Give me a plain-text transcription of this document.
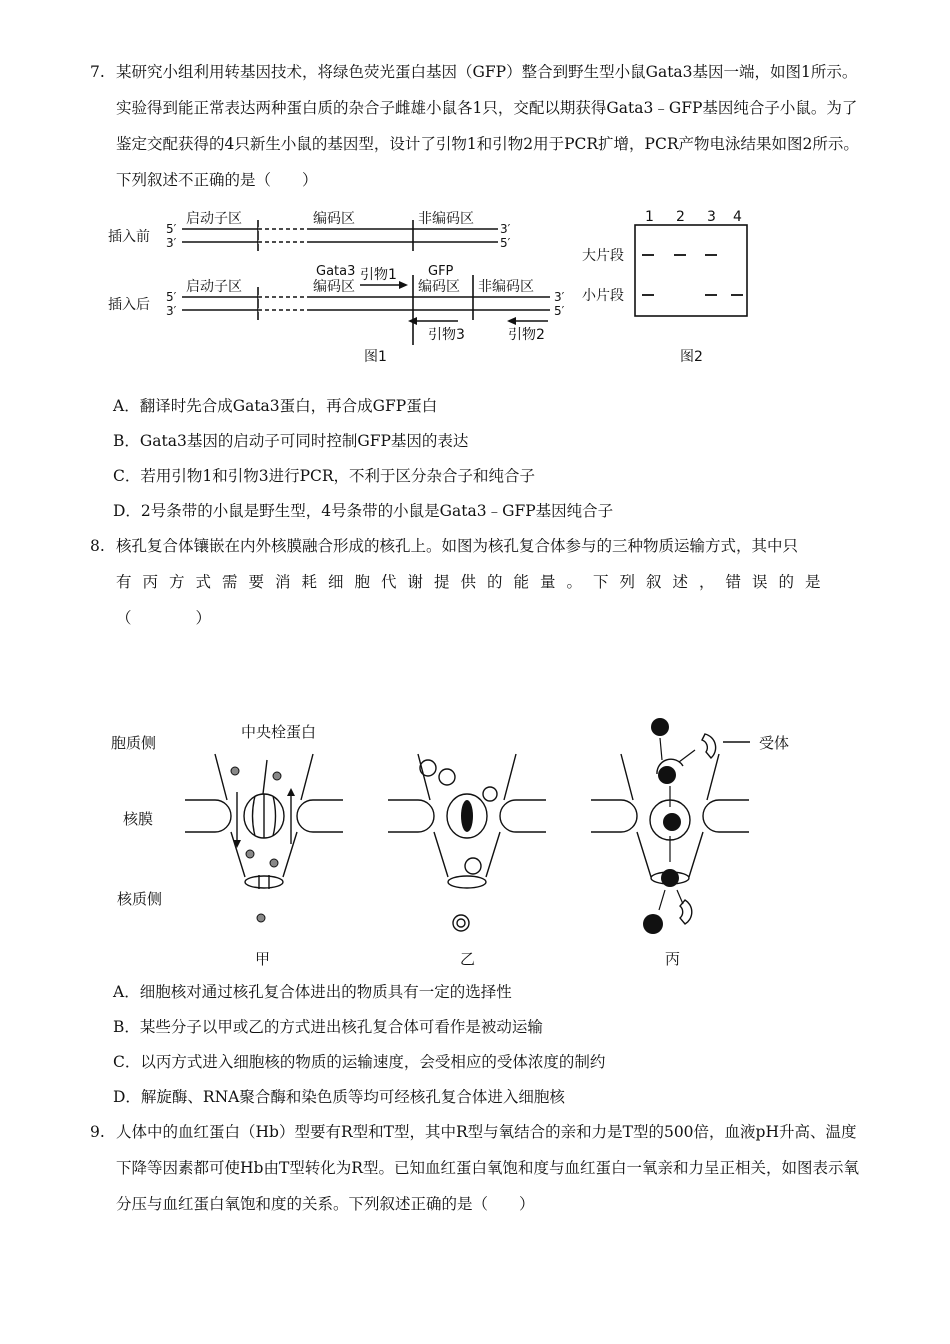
7. 某研究小组利用转基因技术，将绿色荧光蛋白基因（GFP）整合到野生型小鼠Gata3基因一端，如图1所示。实验得到能正常表达两种蛋白质的杂合子雌雄小鼠各1只，交配以期获得Gata3﹣GFP基因纯合子小鼠。为了鉴定交配获得的4只新生小鼠的基因型，设计了引物1和引物2用于PCR扩增，PCR产物电泳结果如图2所示。下列叙述不正确的是（　　）
插入前 5′
3′
3′
5′
启动子区	编码区	非编码区
插入后 5′
3′
3′
5′
启动子区
Gata3
编码区
引物1 GFP
编码区 非编码区
引物3	引物2
图1
1 2 3 4
大片段
小片段
图2
A．翻译时先合成Gata3蛋白，再合成GFP蛋白
B．Gata3基因的启动子可同时控制GFP基因的表达
C．若用引物1和引物3进行PCR，不利于区分杂合子和纯合子
D．2号条带的小鼠是野生型，4号条带的小鼠是Gata3﹣GFP基因纯合子
8. 核孔复合体镶嵌在内外核膜融合形成的核孔上。如图为核孔复合体参与的三种物质运输方式，其中只
有丙方式需要消耗细胞代谢提供的能量。下列叙述，错误的是（　　）
胞质侧
核膜
核质侧
中央栓蛋白
受体
甲	乙	丙
A．细胞核对通过核孔复合体进出的物质具有一定的选择性
B．某些分子以甲或乙的方式进出核孔复合体可看作是被动运输
C．以丙方式进入细胞核的物质的运输速度，会受相应的受体浓度的制约
D．解旋酶、RNA聚合酶和染色质等均可经核孔复合体进入细胞核
9. 人体中的血红蛋白（Hb）型要有R型和T型，其中R型与氧结合的亲和力是T型的500倍，血液pH升高、温度下降等因素都可使Hb由T型转化为R型。已知血红蛋白氧饱和度与血红蛋白一氧亲和力呈正相关，如图表示氧分压与血红蛋白氧饱和度的关系。下列叙述正确的是（　　）
